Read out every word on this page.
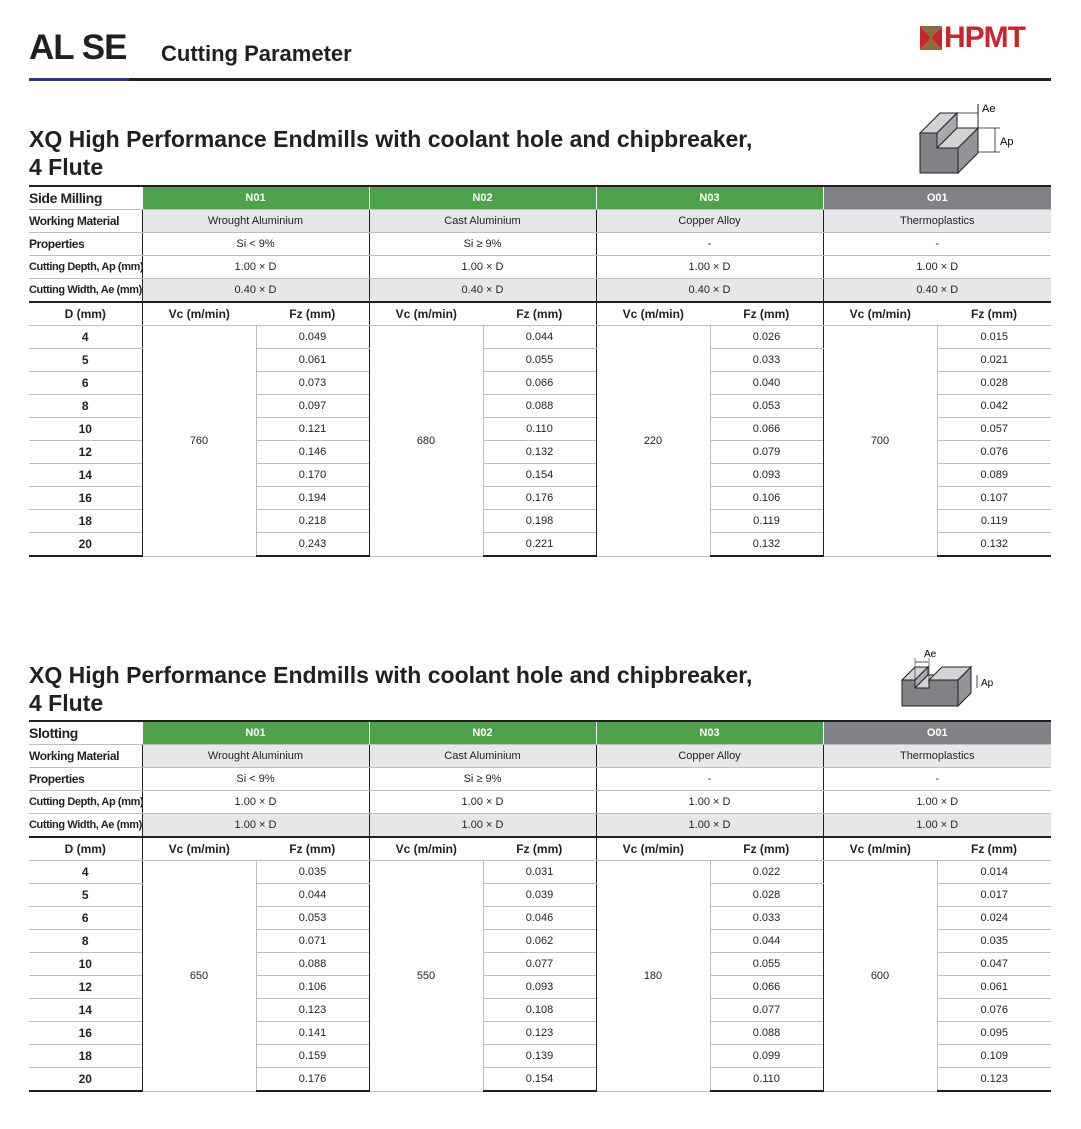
AL SE Cutting Parameter	HPMT
XQ High Performance Endmills with coolant hole and chipbreaker,
4 Flute
Ae
Ap
Side Milling	N01		N02		N03		O01	
Working Material	Wrought Aluminium		Cast Aluminium		Copper Alloy		Thermoplastics	
Properties	Si < 9%		Si ≥ 9%		-		-	
Cutting Depth, Ap (mm)	1.00 × D		1.00 × D		1.00 × D		1.00 × D	
Cutting Width, Ae (mm)	0.40 × D		0.40 × D		0.40 × D		0.40 × D	
D (mm)	Vc (m/min)	Fz (mm)	Vc (m/min)	Fz (mm)	Vc (m/min)	Fz (mm)	Vc (m/min)	Fz (mm)
4	760	0.049	680	0.044	220	0.026	700	0.015
5		0.061		0.055		0.033		0.021
6		0.073		0.066		0.040		0.028
8		0.097		0.088		0.053		0.042
10		0.121		0.110		0.066		0.057
12		0.146		0.132		0.079		0.076
14		0.170		0.154		0.093		0.089
16		0.194		0.176		0.106		0.107
18		0.218		0.198		0.119		0.119
20		0.243		0.221		0.132		0.132
XQ High Performance Endmills with coolant hole and chipbreaker,
4 Flute
Ae
Ap
Slotting	N01		N02		N03		O01	
Working Material	Wrought Aluminium		Cast Aluminium		Copper Alloy		Thermoplastics	
Properties	Si < 9%		Si ≥ 9%		-		-	
Cutting Depth, Ap (mm)	1.00 × D		1.00 × D		1.00 × D		1.00 × D	
Cutting Width, Ae (mm)	1.00 × D		1.00 × D		1.00 × D		1.00 × D	
D (mm)	Vc (m/min)	Fz (mm)	Vc (m/min)	Fz (mm)	Vc (m/min)	Fz (mm)	Vc (m/min)	Fz (mm)
4	650	0.035	550	0.031	180	0.022	600	0.014
5		0.044		0.039		0.028		0.017
6		0.053		0.046		0.033		0.024
8		0.071		0.062		0.044		0.035
10		0.088		0.077		0.055		0.047
12		0.106		0.093		0.066		0.061
14		0.123		0.108		0.077		0.076
16		0.141		0.123		0.088		0.095
18		0.159		0.139		0.099		0.109
20		0.176		0.154		0.110		0.123
